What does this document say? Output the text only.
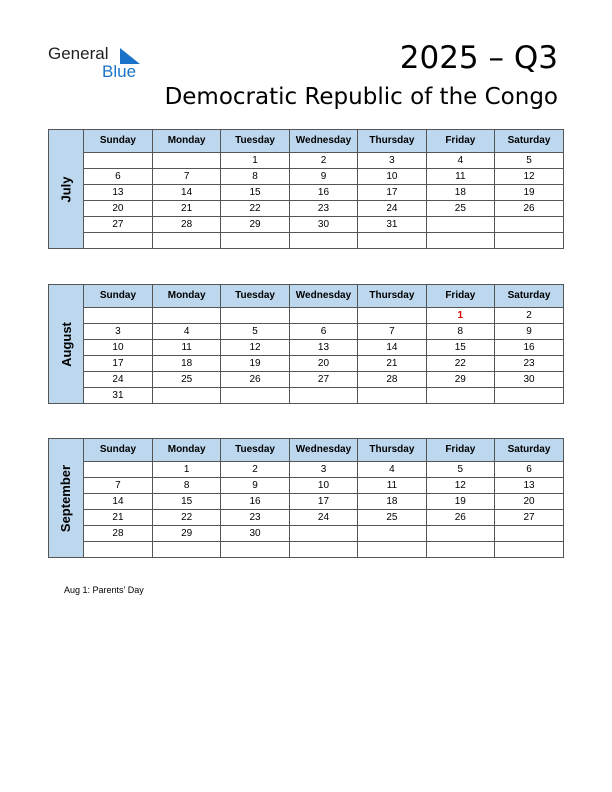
General
Blue	2025 – Q3
Democratic Republic of the Congo
July
Sunday	Monday	Tuesday	Wednesday	Thursday	Friday	Saturday
		1	2	3	4	5
6	7	8	9	10	11	12
13	14	15	16	17	18	19
20	21	22	23	24	25	26
27	28	29	30	31		

August
Sunday	Monday	Tuesday	Wednesday	Thursday	Friday	Saturday
					1	2
3	4	5	6	7	8	9
10	11	12	13	14	15	16
17	18	19	20	21	22	23
24	25	26	27	28	29	30
31						
September
Sunday	Monday	Tuesday	Wednesday	Thursday	Friday	Saturday
	1	2	3	4	5	6
7	8	9	10	11	12	13
14	15	16	17	18	19	20
21	22	23	24	25	26	27
28	29	30				

Aug 1: Parents’ Day
